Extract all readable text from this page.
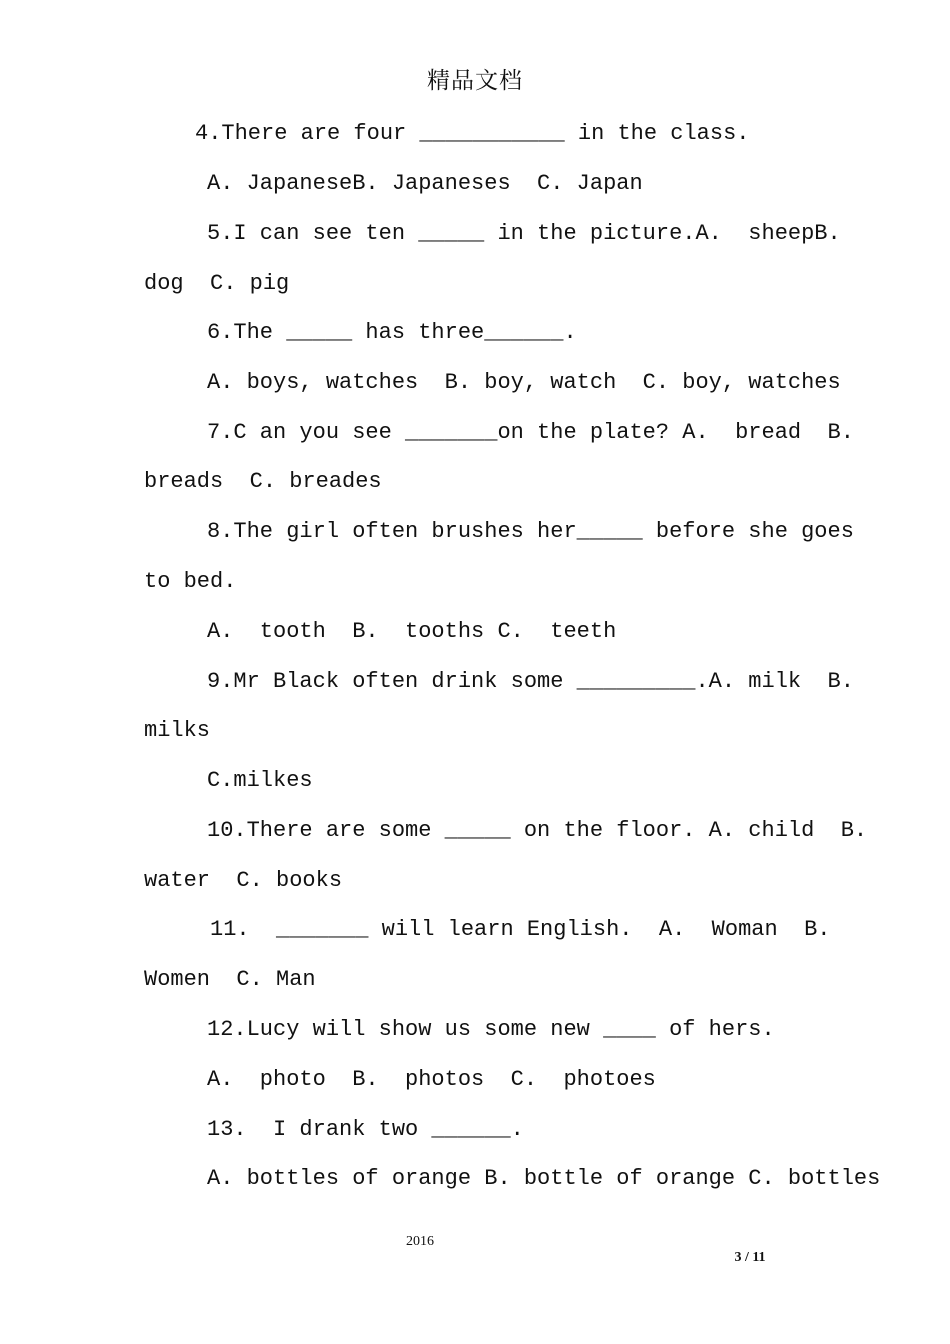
精品文档
4.There are four ___________ in the class.
A. JapaneseB. Japaneses  C. Japan
5.I can see ten _____ in the picture.A.  sheepB.
dog  C. pig
6.The _____ has three______.
A. boys, watches  B. boy, watch  C. boy, watches
7.C an you see _______on the plate? A.  bread  B.
breads  C. breades
8.The girl often brushes her_____ before she goes
to bed.
A.  tooth  B.  tooths C.  teeth
9.Mr Black often drink some _________.A. milk  B.
milks
C.milkes
10.There are some _____ on the floor. A. child  B.
water  C. books
11.  _______ will learn English.  A.  Woman  B.
Women  C. Man
12.Lucy will show us some new ____ of hers.
A.  photo  B.  photos  C.  photoes
13.  I drank two ______.
A. bottles of orange B. bottle of orange C. bottles
2016
3 / 11
